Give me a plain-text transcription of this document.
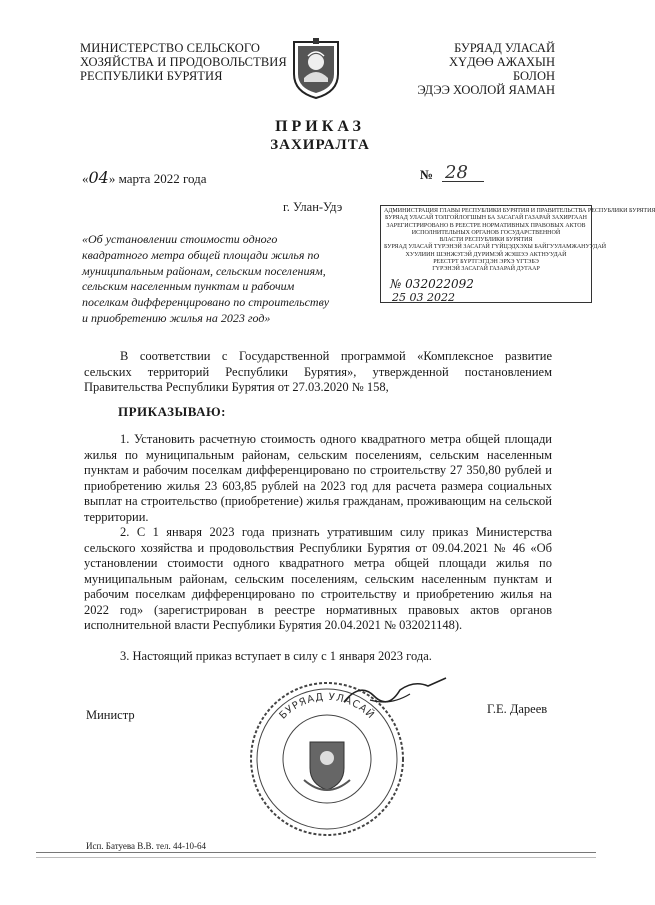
МИНИСТЕРСТВО СЕЛЬСКОГО
ХОЗЯЙСТВА И ПРОДОВОЛЬСТВИЯ
РЕСПУБЛИКИ БУРЯТИЯ
БУРЯАД УЛАСАЙ
ХҮДӨӨ АЖАХЫН БОЛОН
ЭДЭЭ ХООЛОЙ ЯАМАН
ПРИКАЗ
ЗАХИРАЛТА
«04» марта 2022 года	№ 28
г. Улан-Удэ
«Об установлении стоимости одного квадратного метра общей площади жилья по муниципальным районам, сельским поселениям, сельским населенным пунктам и рабочим поселкам дифференцировано по строительству и приобретению жилья на 2023 год»
АДМИНИСТРАЦИЯ ГЛАВЫ РЕСПУБЛИКИ БУРЯТИЯ И ПРАВИТЕЛЬСТВА РЕСПУБЛИКИ БУРЯТИЯ
БУРЯАД УЛАСАЙ ТОЛГОЙЛОГШЫН БА ЗАСАГАЙ ГАЗАРАЙ ЗАХИРГААН
ЗАРЕГИСТРИРОВАНО В РЕЕСТРЕ НОРМАТИВНЫХ ПРАВОВЫХ АКТОВ
ИСПОЛНИТЕЛЬНЫХ ОРГАНОВ ГОСУДАРСТВЕННОЙ
ВЛАСТИ РЕСПУБЛИКИ БУРЯТИЯ
БУРЯАД УЛАСАЙ ТҮРЭНЭЙ ЗАСАГАЙ ГҮЙЦЭДХЭХЫ БАЙГУУЛАМЖАНУУДАЙ
ХУУЛИИН ШЭНЖЭТЭЙ ДҮРИМЭЙ ЖЭШЭЭ АКТНУУДАЙ
РЕЕСТРТ БҮРТГЭГДЭН ЭРХЭ ҮГТЭБЭ
ГҮРЭНЭЙ ЗАСАГАЙ ГАЗАРАЙ ДУГААР
№ 032022092
25 03 2022
В соответствии с Государственной программой «Комплексное развитие сельских территорий Республики Бурятия», утвержденной постановлением Правительства Республики Бурятия от 27.03.2020 № 158,
ПРИКАЗЫВАЮ:
1. Установить расчетную стоимость одного квадратного метра общей площади жилья по муниципальным районам, сельским поселениям, сельским населенным пунктам и рабочим поселкам дифференцировано по строительству 27 350,80 рублей и приобретению жилья 23 603,85 рублей на 2023 год для расчета размера социальных выплат на строительство (приобретение) жилья гражданам, проживающим на сельской территории.
2. С 1 января 2023 года признать утратившим силу приказ Министерства сельского хозяйства и продовольствия Республики Бурятия от 09.04.2021 № 46 «Об установлении стоимости одного квадратного метра общей площади жилья по муниципальным районам, сельским поселениям, сельским населенным пунктам и рабочим поселкам дифференцировано по строительству и приобретению жилья на 2022 год» (зарегистрирован в реестре нормативных правовых актов органов исполнительной власти Республики Бурятия 20.04.2021 № 032021148).
3. Настоящий приказ вступает в силу с 1 января 2023 года.
Министр	БУРЯАД УЛАСАЙ	Г.Е. Дареев
Исп. Батуева В.В. тел. 44-10-64
